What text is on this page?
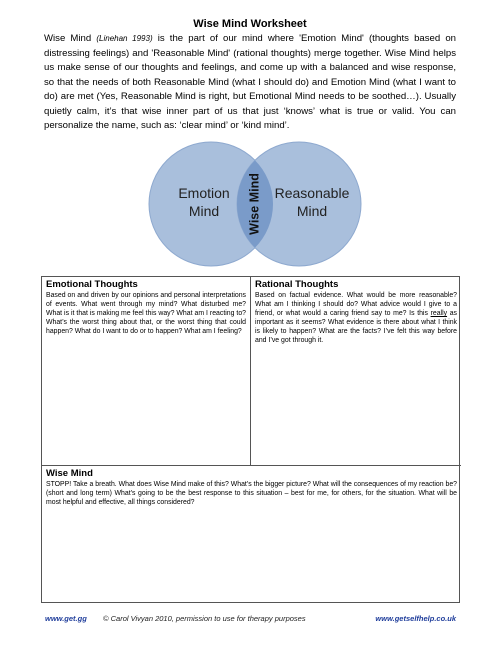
Wise Mind Worksheet
Wise Mind (Linehan 1993) is the part of our mind where 'Emotion Mind' (thoughts based on distressing feelings) and 'Reasonable Mind' (rational thoughts) merge together. Wise Mind helps us make sense of our thoughts and feelings, and come up with a balanced and wise response, so that the needs of both Reasonable Mind (what I should do) and Emotion Mind (what I want to do) are met (Yes, Reasonable Mind is right, but Emotional Mind needs to be soothed…). Usually quietly calm, it’s that wise inner part of us that just ‘knows’ what is true or valid. You can personalize the name, such as: ‘clear mind’ or ‘kind mind’.
Emotion
Mind
Reasonable
Mind
Wise Mind
Emotional Thoughts

Based on and driven by our opinions and personal interpretations of events. What went through my mind? What disturbed me? What is it that is making me feel this way? What am I reacting to? What’s the worst thing about that, or the worst thing that could happen? What do I want to do or to happen? What am I feeling?

Rational Thoughts

Based on factual evidence. What would be more reasonable? What am I thinking I should do? What advice would I give to a friend, or what would a caring friend say to me? Is this really as important as it seems? What evidence is there about what I think is likely to happen? What are the facts? I’ve felt this way before and I’ve got through it.

Wise Mind

STOPP! Take a breath. What does Wise Mind make of this? What’s the bigger picture? What will the consequences of my reaction be? (short and long term) What’s going to be the best response to this situation – best for me, for others, for the situation. What will be most helpful and effective, all things considered?

www.get.gg © Carol Vivyan 2010, permission to use for therapy purposes	www.getselfhelp.co.uk
